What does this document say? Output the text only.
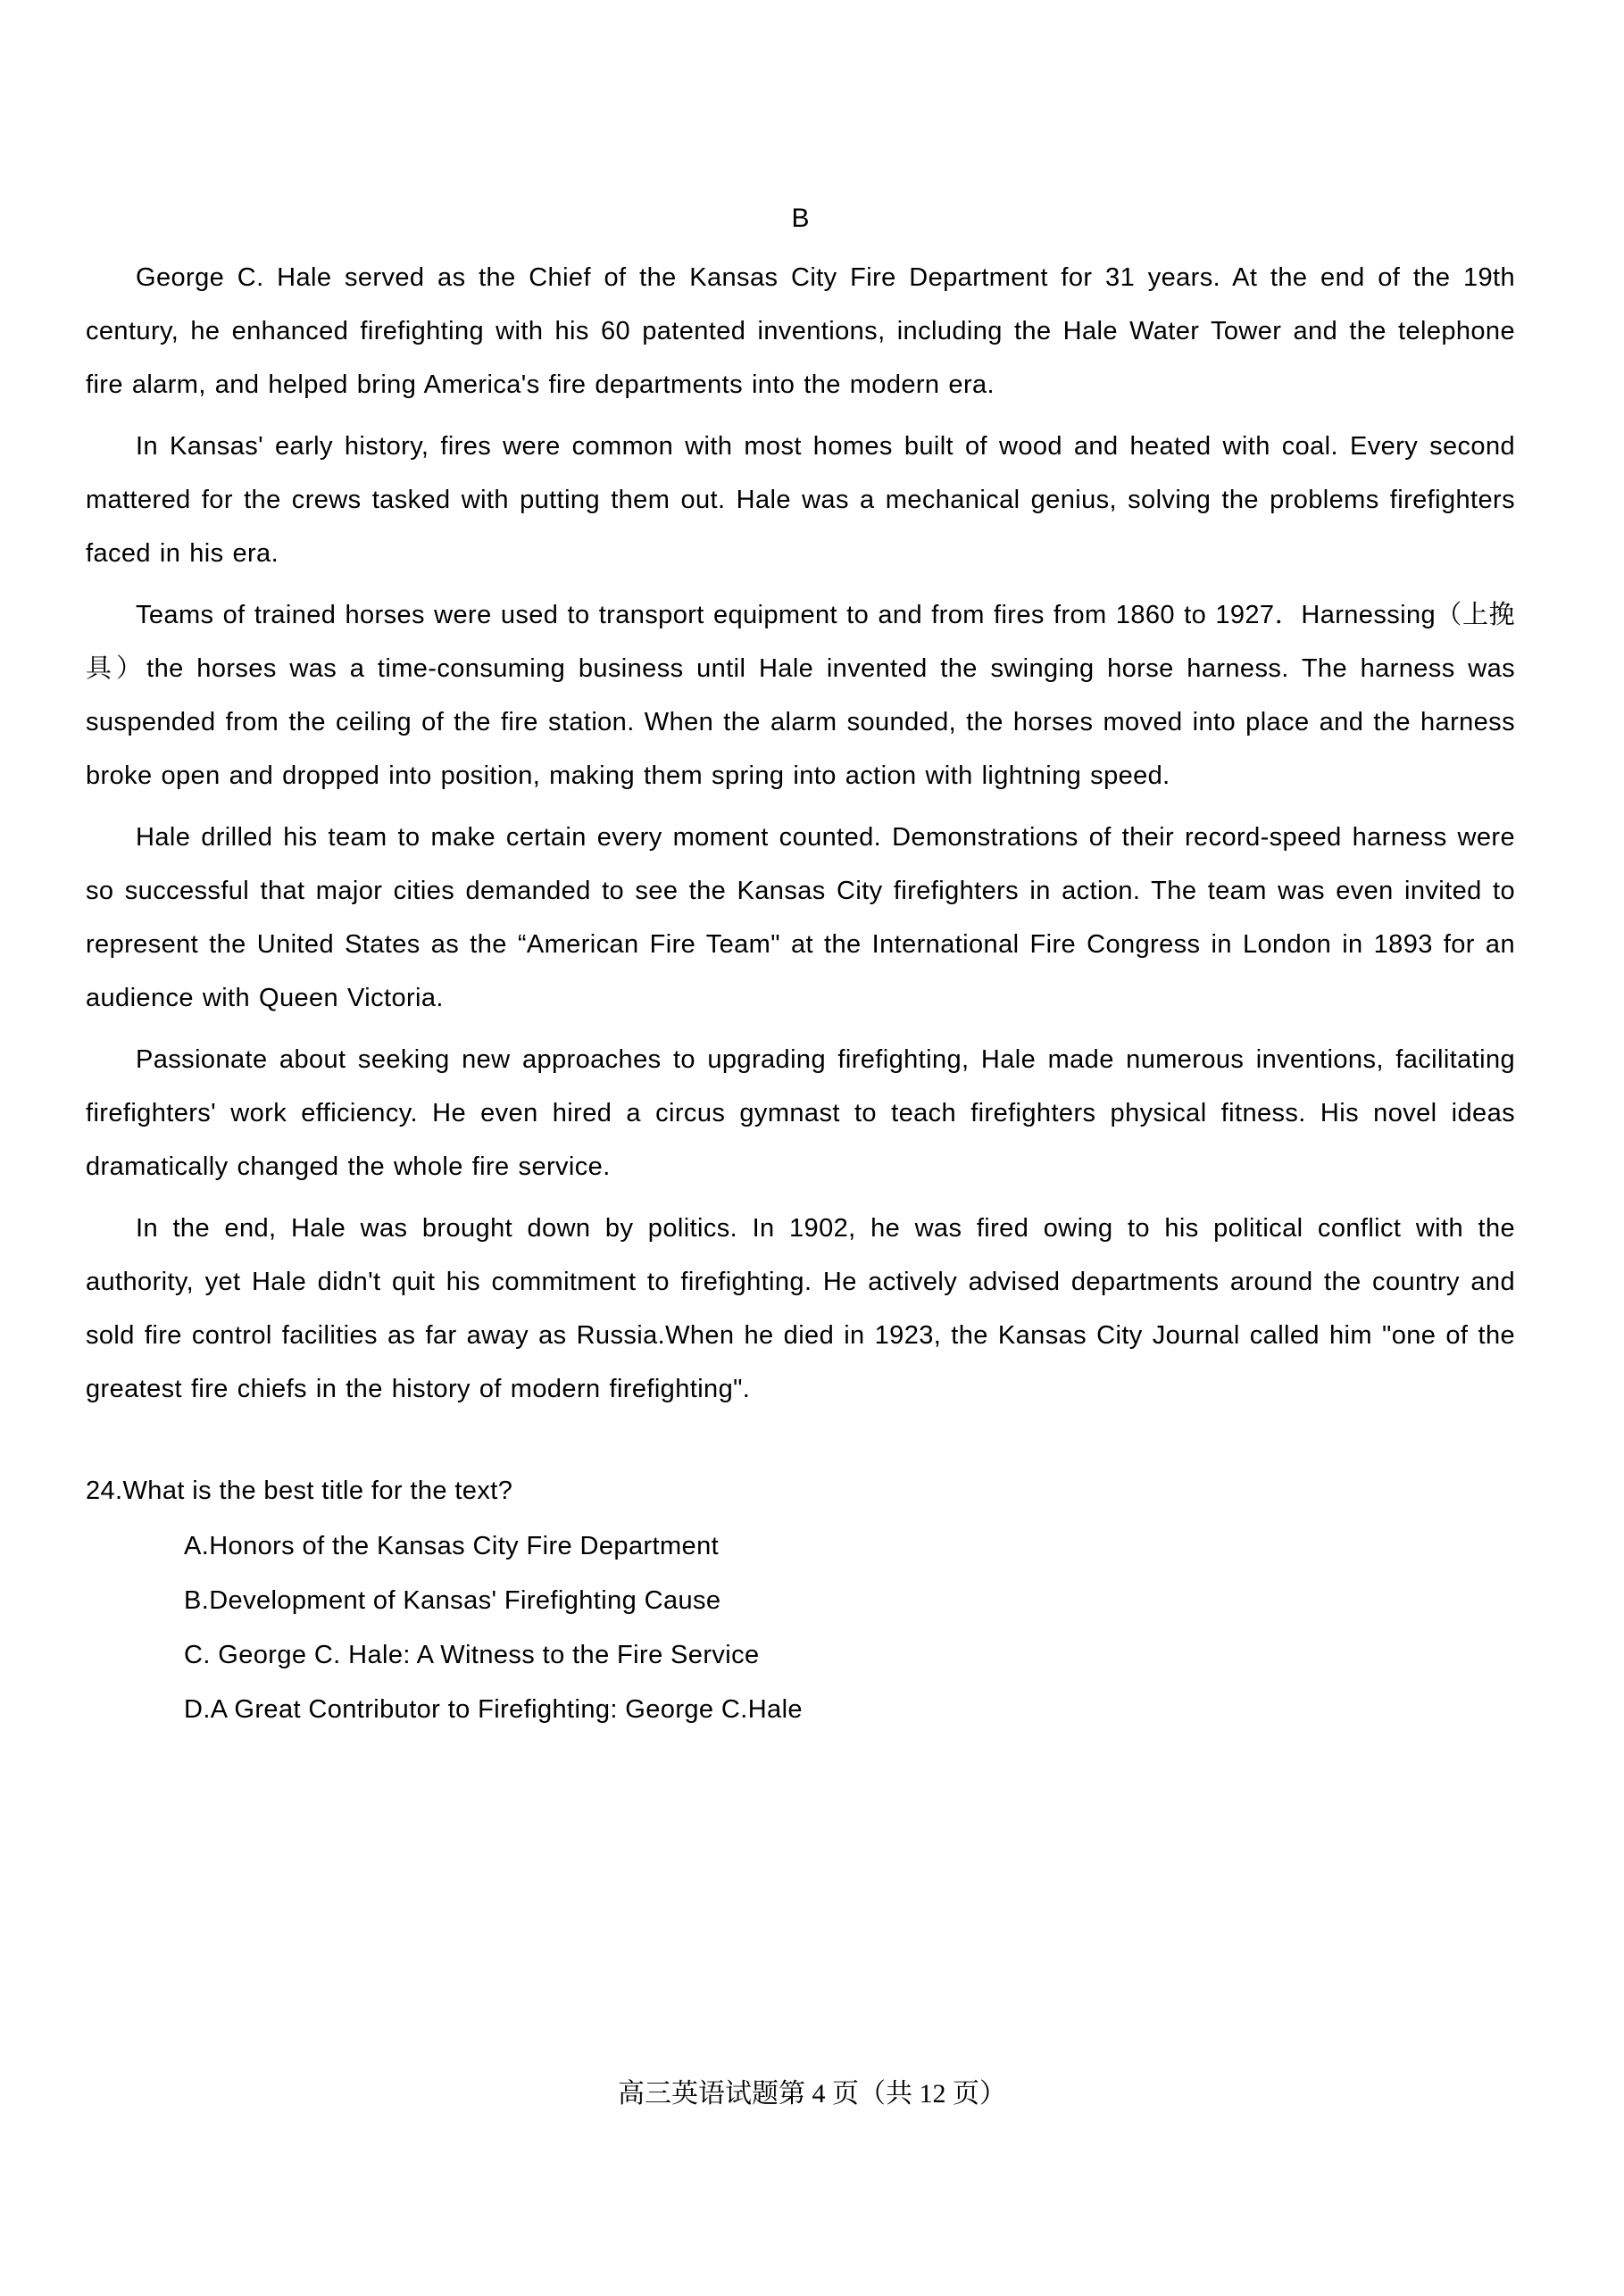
B

George C. Hale served as the Chief of the Kansas City Fire Department for 31 years. At the end of the 19th century, he enhanced firefighting with his 60 patented inventions, including the Hale Water Tower and the telephone fire alarm, and helped bring America's fire departments into the modern era.

In Kansas' early history, fires were common with most homes built of wood and heated with coal. Every second mattered for the crews tasked with putting them out. Hale was a mechanical genius, solving the problems firefighters faced in his era.

Teams of trained horses were used to transport equipment to and from fires from 1860 to 1927．Harnessing（上挽具）the horses was a time-consuming business until Hale invented the swinging horse harness. The harness was suspended from the ceiling of the fire station. When the alarm sounded, the horses moved into place and the harness broke open and dropped into position, making them spring into action with lightning speed.

Hale drilled his team to make certain every moment counted. Demonstrations of their record-speed harness were so successful that major cities demanded to see the Kansas City firefighters in action. The team was even invited to represent the United States as the “American Fire Team" at the International Fire Congress in London in 1893 for an audience with Queen Victoria.

Passionate about seeking new approaches to upgrading firefighting, Hale made numerous inventions, facilitating firefighters' work efficiency. He even hired a circus gymnast to teach firefighters physical fitness. His novel ideas dramatically changed the whole fire service.

In the end, Hale was brought down by politics. In 1902, he was fired owing to his political conflict with the authority, yet Hale didn't quit his commitment to firefighting. He actively advised departments around the country and sold fire control facilities as far away as Russia.When he died in 1923, the Kansas City Journal called him "one of the greatest fire chiefs in the history of modern firefighting".

24.What is the best title for the text?

A.Honors of the Kansas City Fire Department
B.Development of Kansas' Firefighting Cause
C. George C. Hale: A Witness to the Fire Service
D.A Great Contributor to Firefighting: George C.Hale
高三英语试题第 4 页（共 12 页）
